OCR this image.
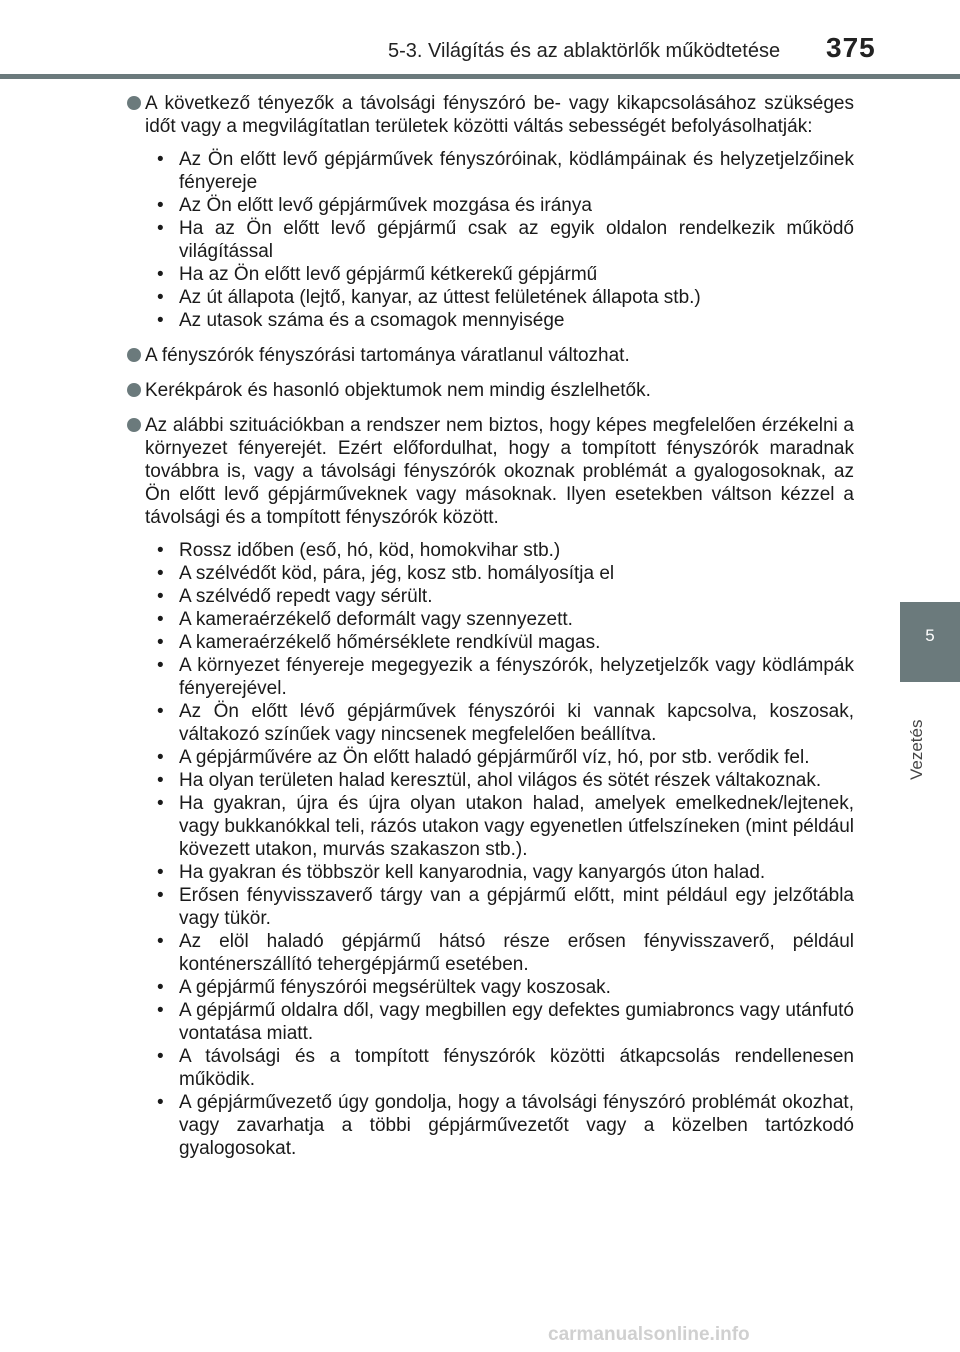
5-3. Világítás és az ablaktörlők működtetése 375
5
Vezetés
A következő tényezők a távolsági fényszóró be- vagy kikapcsolásához szükséges időt vagy a megvilágítatlan területek közötti váltás sebességét befolyásolhatják:
• Az Ön előtt levő gépjárművek fényszóróinak, ködlámpáinak és helyzetjelzőinek fényereje
• Az Ön előtt levő gépjárművek mozgása és iránya
• Ha az Ön előtt levő gépjármű csak az egyik oldalon rendelkezik működő világítással
• Ha az Ön előtt levő gépjármű kétkerekű gépjármű
• Az út állapota (lejtő, kanyar, az úttest felületének állapota stb.)
• Az utasok száma és a csomagok mennyisége
A fényszórók fényszórási tartománya váratlanul változhat.
Kerékpárok és hasonló objektumok nem mindig észlelhetők.
Az alábbi szituációkban a rendszer nem biztos, hogy képes megfelelően érzékelni a környezet fényerejét. Ezért előfordulhat, hogy a tompított fényszórók maradnak továbbra is, vagy a távolsági fényszórók okoznak problémát a gyalogosoknak, az Ön előtt levő gépjárműveknek vagy másoknak. Ilyen esetekben váltson kézzel a távolsági és a tompított fényszórók között.
• Rossz időben (eső, hó, köd, homokvihar stb.)
• A szélvédőt köd, pára, jég, kosz stb. homályosítja el
• A szélvédő repedt vagy sérült.
• A kameraérzékelő deformált vagy szennyezett.
• A kameraérzékelő hőmérséklete rendkívül magas.
• A környezet fényereje megegyezik a fényszórók, helyzetjelzők vagy ködlámpák fényerejével.
• Az Ön előtt lévő gépjárművek fényszórói ki vannak kapcsolva, koszosak, váltakozó színűek vagy nincsenek megfelelően beállítva.
• A gépjárművére az Ön előtt haladó gépjárműről víz, hó, por stb. verődik fel.
• Ha olyan területen halad keresztül, ahol világos és sötét részek váltakoznak.
• Ha gyakran, újra és újra olyan utakon halad, amelyek emelkednek/lejtenek, vagy bukkanókkal teli, rázós utakon vagy egyenetlen útfelszíneken (mint például kövezett utakon, murvás szakaszon stb.).
• Ha gyakran és többször kell kanyarodnia, vagy kanyargós úton halad.
• Erősen fényvisszaverő tárgy van a gépjármű előtt, mint például egy jelzőtábla vagy tükör.
• Az elöl haladó gépjármű hátsó része erősen fényvisszaverő, például konténerszállító tehergépjármű esetében.
• A gépjármű fényszórói megsérültek vagy koszosak.
• A gépjármű oldalra dől, vagy megbillen egy defektes gumiabroncs vagy utánfutó vontatása miatt.
• A távolsági és a tompított fényszórók közötti átkapcsolás rendellenesen működik.
• A gépjárművezető úgy gondolja, hogy a távolsági fényszóró problémát okozhat, vagy zavarhatja a többi gépjárművezetőt vagy a közelben tartózkodó gyalogosokat.
carmanualsonline.info
